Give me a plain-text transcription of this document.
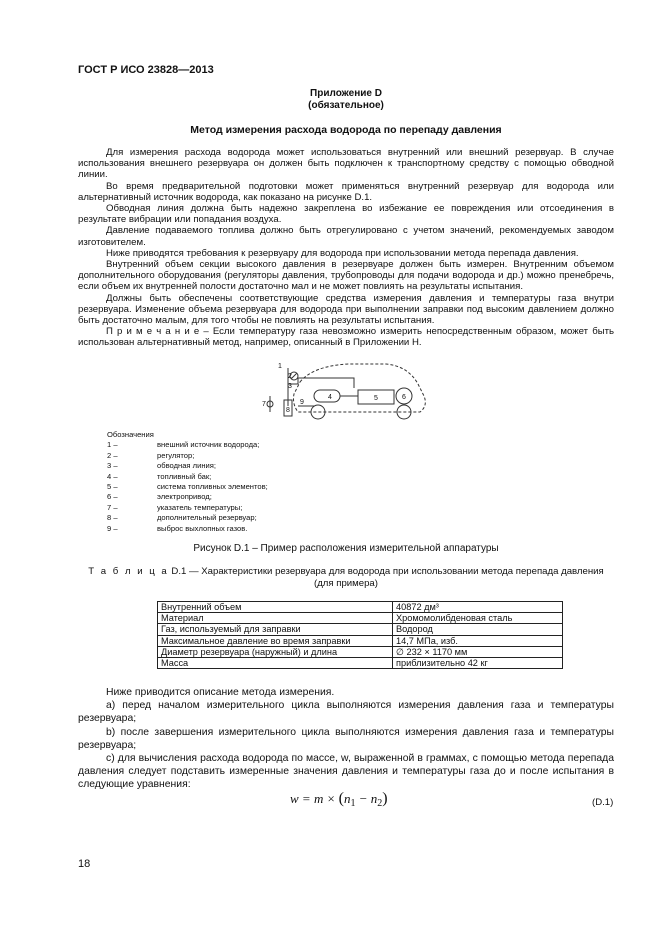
ГОСТ Р ИСО 23828—2013
Приложение D
(обязательное)
Метод измерения расхода водорода по перепаду давления

Для измерения расхода водорода может использоваться внутренний или внешний резервуар. В случае использования внешнего резервуара он должен быть подключен к транспортному средству с помощью обводной линии.

Во время предварительной подготовки может применяться внутренний резервуар для водорода или альтернативный источник водорода, как показано на рисунке D.1.

Обводная линия должна быть надежно закреплена во избежание ее повреждения или отсоединения в результате вибрации или попадания воздуха.

Давление подаваемого топлива должно быть отрегулировано с учетом значений, рекомендуемых заводом изготовителем.

Ниже приводятся требования к резервуару для водорода при использовании метода перепада давления.

Внутренний объем секции высокого давления в резервуаре должен быть измерен. Внутренним объемом дополнительного оборудования (регуляторы давления, трубопроводы для подачи водорода и др.) можно пренебречь, если объем их внутренней полости достаточно мал и не может повлиять на результаты испытания.

Должны быть обеспечены соответствующие средства измерения давления и температуры газа внутри резервуара. Изменение объема резервуара для водорода при выполнении заправки под высоким давлением должно быть достаточно малым, для того чтобы не повлиять на результаты испытания.

П р и м е ч а н и е – Если температуру газа невозможно измерить непосредственным образом, может быть использован альтернативный метод, например, описанный в Приложении H.

1
2
3
4	5	6
7
8
9
Обозначения
1 –	внешний источник водорода;
2 –	регулятор;
3 –	обводная линия;
4 –	топливный бак;
5 –	система топливных элементов;
6 –	электропривод;
7 –	указатель температуры;
8 –	дополнительный резервуар;
9 –	выброс выхлопных газов.
Рисунок D.1 – Пример расположения измерительной аппаратуры
Т а б л и ц а D.1 — Характеристики резервуара для водорода при использовании метода перепада давления
(для примера)
Внутренний объем	40872 дм³
Материал	Хромомолибденовая сталь
Газ, используемый для заправки	Водород
Максимальное давление во время заправки	14,7 МПа, изб.
Диаметр резервуара (наружный) и длина	∅ 232 × 1170 мм
Масса	приблизительно 42 кг

Ниже приводится описание метода измерения.

а) перед началом измерительного цикла выполняются измерения давления газа и температуры резервуара;

b) после завершения измерительного цикла выполняются измерения давления газа и температуры резервуара;

с) для вычисления расхода водорода по массе, w, выраженной в граммах, с помощью метода перепада давления следует подставить измеренные значения давления и температуры газа до и после испытания в следующие уравнения:

$w = m \times (n_1 - n_2)$	(D.1)
18
